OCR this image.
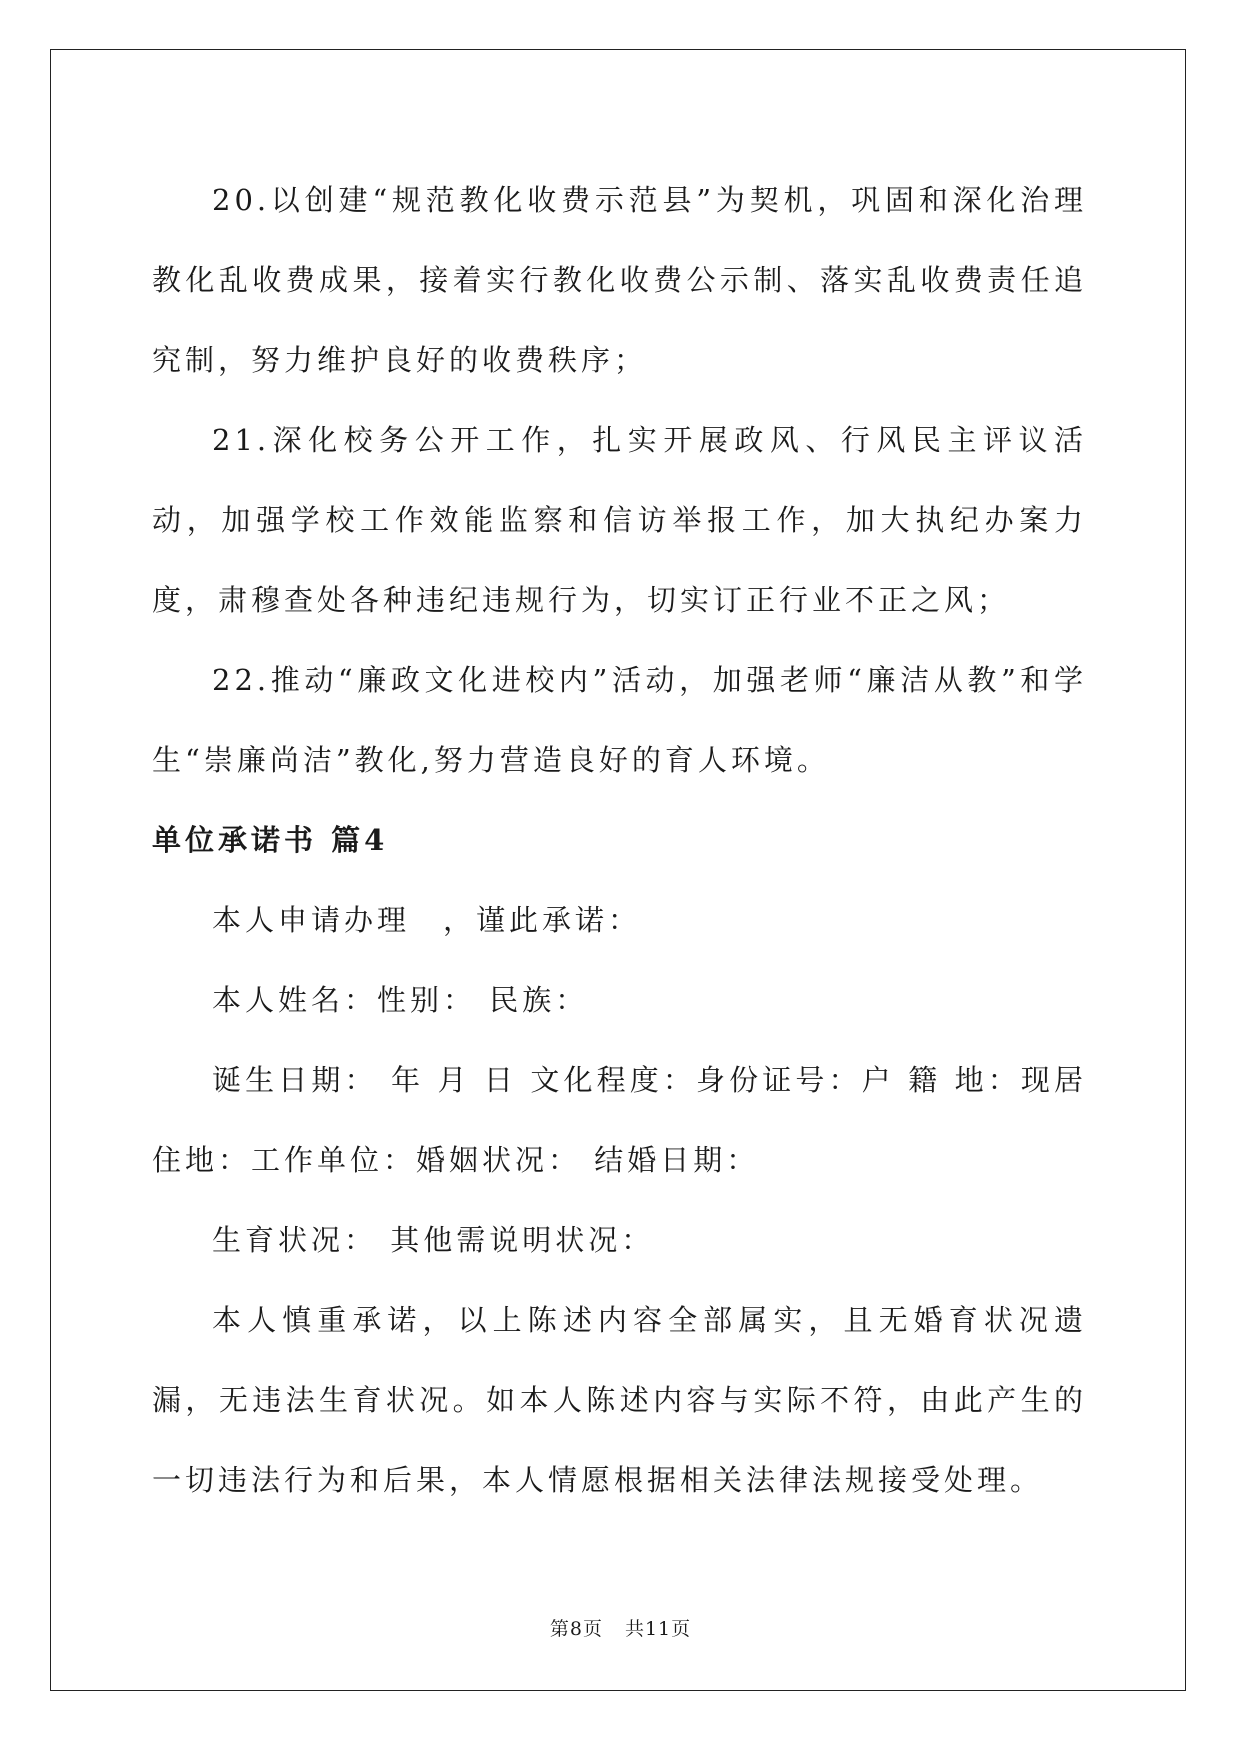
20.以创建“规范教化收费示范县”为契机，巩固和深化治理教化乱收费成果，接着实行教化收费公示制、落实乱收费责任追究制，努力维护良好的收费秩序；

21.深化校务公开工作，扎实开展政风、行风民主评议活动，加强学校工作效能监察和信访举报工作，加大执纪办案力度，肃穆查处各种违纪违规行为，切实订正行业不正之风；

22.推动“廉政文化进校内”活动，加强老师“廉洁从教”和学生“崇廉尚洁”教化,努力营造良好的育人环境。

单位承诺书 篇4

本人申请办理　，谨此承诺：

本人姓名：性别： 民族：

诞生日期： 年 月 日 文化程度：身份证号：户 籍 地：现居住地：工作单位：婚姻状况： 结婚日期：

生育状况： 其他需说明状况：

本人慎重承诺，以上陈述内容全部属实，且无婚育状况遗漏，无违法生育状况。如本人陈述内容与实际不符，由此产生的一切违法行为和后果，本人情愿根据相关法律法规接受处理。

第8页 共11页
